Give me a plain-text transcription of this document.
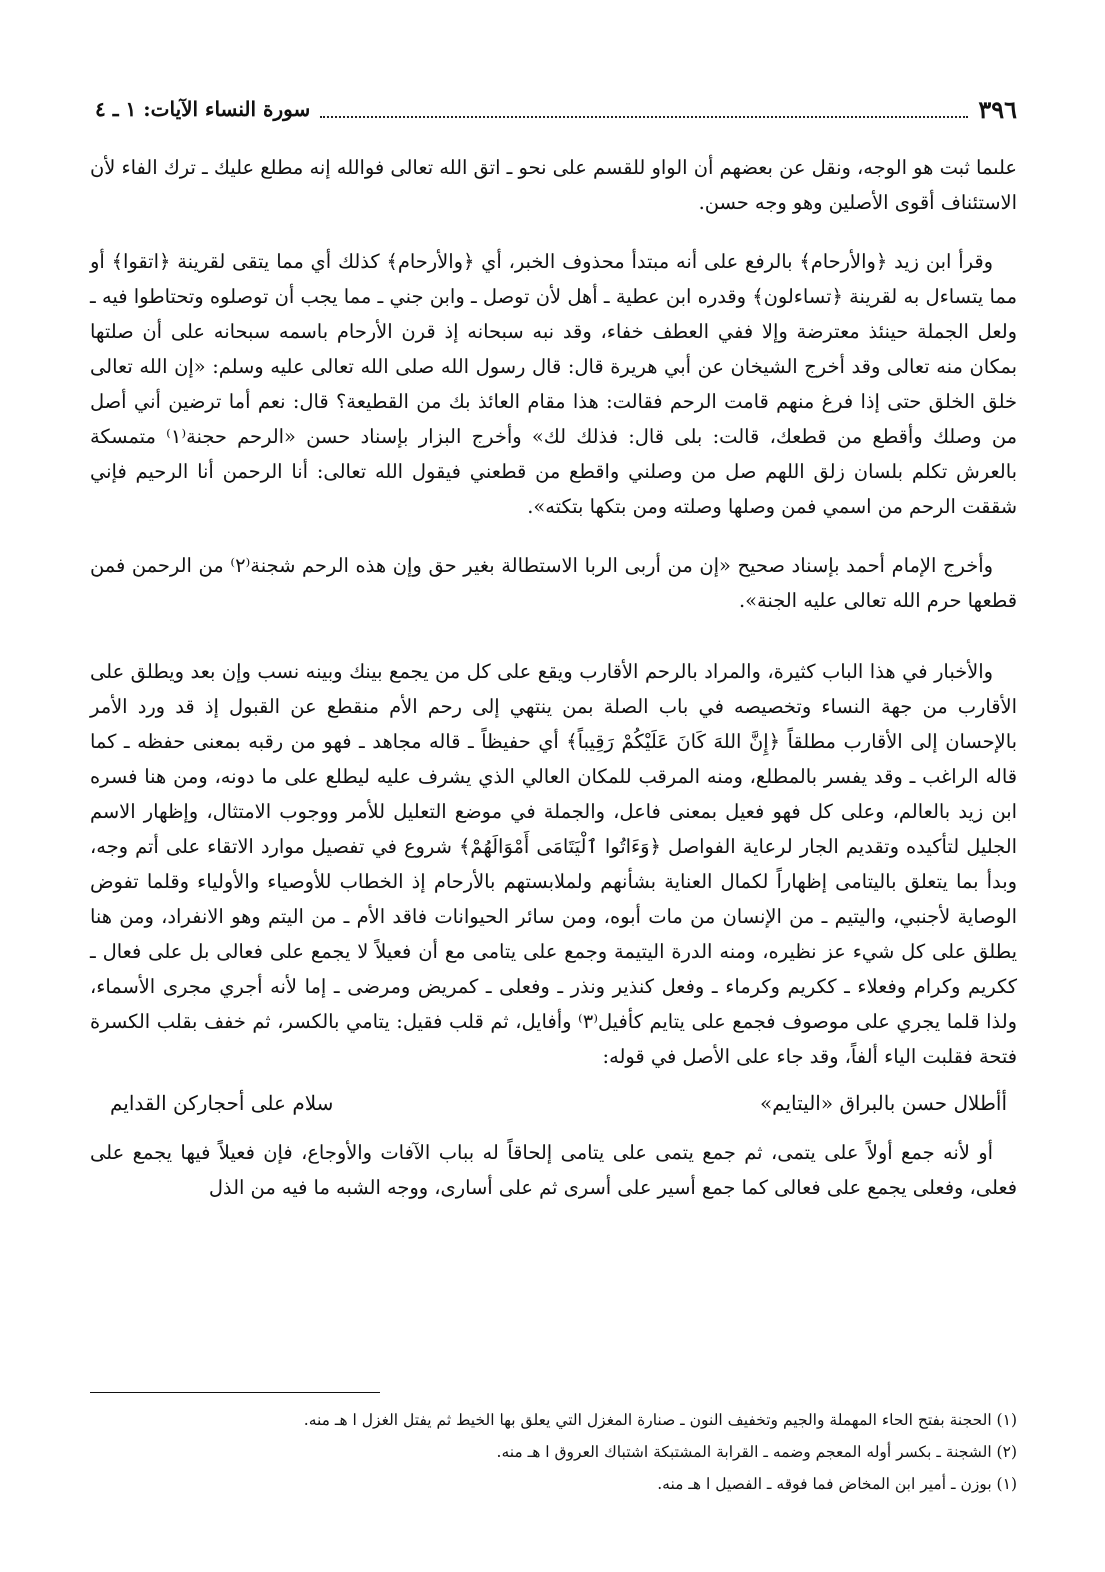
٣٩٦
سورة النساء الآيات: ١ ـ ٤

علىما ثبت هو الوجه، ونقل عن بعضهم أن الواو للقسم على نحو ـ اتق الله تعالى فوالله إنه مطلع عليك ـ ترك الفاء لأن الاستئناف أقوى الأصلين وهو وجه حسن.

وقرأ ابن زيد ﴿والأرحام﴾ بالرفع على أنه مبتدأ محذوف الخبر، أي ﴿والأرحام﴾ كذلك أي مما يتقى لقرينة ﴿اتقوا﴾ أو مما يتساءل به لقرينة ﴿تساءلون﴾ وقدره ابن عطية ـ أهل لأن توصل ـ وابن جني ـ مما يجب أن توصلوه وتحتاطوا فيه ـ ولعل الجملة حينئذ معترضة وإلا ففي العطف خفاء، وقد نبه سبحانه إذ قرن الأرحام باسمه سبحانه على أن صلتها بمكان منه تعالى وقد أخرج الشيخان عن أبي هريرة قال: قال رسول الله صلى الله تعالى عليه وسلم: «إن الله تعالى خلق الخلق حتى إذا فرغ منهم قامت الرحم فقالت: هذا مقام العائذ بك من القطيعة؟ قال: نعم أما ترضين أني أصل من وصلك وأقطع من قطعك، قالت: بلى قال: فذلك لك» وأخرج البزار بإسناد حسن «الرحم حجنة⁽١⁾ متمسكة بالعرش تكلم بلسان زلق اللهم صل من وصلني واقطع من قطعني فيقول الله تعالى: أنا الرحمن أنا الرحيم فإني شققت الرحم من اسمي فمن وصلها وصلته ومن بتكها بتكته».

وأخرج الإمام أحمد بإسناد صحيح «إن من أربى الربا الاستطالة بغير حق وإن هذه الرحم شجنة⁽٢⁾ من الرحمن فمن قطعها حرم الله تعالى عليه الجنة».

والأخبار في هذا الباب كثيرة، والمراد بالرحم الأقارب ويقع على كل من يجمع بينك وبينه نسب وإن بعد ويطلق على الأقارب من جهة النساء وتخصيصه في باب الصلة بمن ينتهي إلى رحم الأم منقطع عن القبول إذ قد ورد الأمر بالإحسان إلى الأقارب مطلقاً ﴿إِنَّ اللهَ كَانَ عَلَيْكُمْ رَقِيباً﴾ أي حفيظاً ـ قاله مجاهد ـ فهو من رقبه بمعنى حفظه ـ كما قاله الراغب ـ وقد يفسر بالمطلع، ومنه المرقب للمكان العالي الذي يشرف عليه ليطلع على ما دونه، ومن هنا فسره ابن زيد بالعالم، وعلى كل فهو فعيل بمعنى فاعل، والجملة في موضع التعليل للأمر ووجوب الامتثال، وإظهار الاسم الجليل لتأكيده وتقديم الجار لرعاية الفواصل ﴿وَءَاتُوا ٱلْيَتَامَى أَمْوَالَهُمْ﴾ شروع في تفصيل موارد الاتقاء على أتم وجه، وبدأ بما يتعلق باليتامى إظهاراً لكمال العناية بشأنهم ولملابستهم بالأرحام إذ الخطاب للأوصياء والأولياء وقلما تفوض الوصاية لأجنبي، واليتيم ـ من الإنسان من مات أبوه، ومن سائر الحيوانات فاقد الأم ـ من اليتم وهو الانفراد، ومن هنا يطلق على كل شيء عز نظيره، ومنه الدرة اليتيمة وجمع على يتامى مع أن فعيلاً لا يجمع على فعالى بل على فعال ـ ككريم وكرام وفعلاء ـ ككريم وكرماء ـ وفعل كنذير ونذر ـ وفعلى ـ كمريض ومرضى ـ إما لأنه أجري مجرى الأسماء، ولذا قلما يجري على موصوف فجمع على يتايم كأفيل⁽٣⁾ وأفايل، ثم قلب فقيل: يتامي بالكسر، ثم خفف بقلب الكسرة فتحة فقلبت الياء ألفاً، وقد جاء على الأصل في قوله:

أأطلال حسن بالبراق «اليتايم»
سلام على أحجاركن القدايم

أو لأنه جمع أولاً على يتمى، ثم جمع يتمى على يتامى إلحاقاً له بباب الآفات والأوجاع، فإن فعيلاً فيها يجمع على فعلى، وفعلى يجمع على فعالى كما جمع أسير على أسرى ثم على أسارى، ووجه الشبه ما فيه من الذل

(١) الحجنة بفتح الحاء المهملة والجيم وتخفيف النون ـ صنارة المغزل التي يعلق بها الخيط ثم يفتل الغزل ا هـ منه.

(٢) الشجنة ـ بكسر أوله المعجم وضمه ـ القرابة المشتبكة اشتباك العروق ا هـ منه.

(١) بوزن ـ أمير ابن المخاض فما فوقه ـ الفصيل ا هـ منه.
